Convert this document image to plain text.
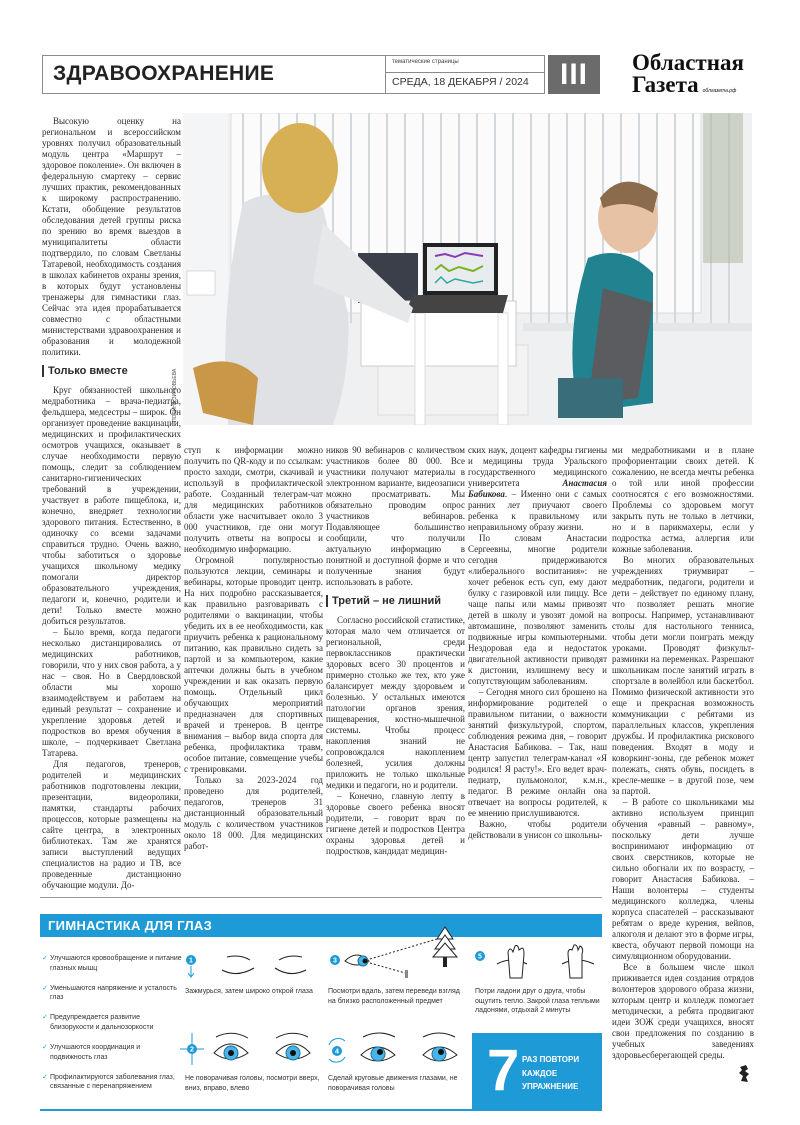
ЗДРАВООХРАНЕНИЕ	тематические страницы
СРЕДА, 18 ДЕКАБРЯ / 2024	III	Областная
Газета облгазета.рф
ПОЛИНА ЗИНОВЬЕВА

Высокую оценку на региональном и всероссийском уровнях получил образовательный модуль центра «Маршрут – здоровое поколение». Он включен в федеральную смартеку – сервис лучших практик, рекомендованных к широкому распространению. Кстати, обобщение результатов обследования детей группы риска по зрению во время выездов в муниципалитеты области подтвердило, по словам Светланы Татаревой, необходимость создания в школах кабинетов охраны зрения, в которых будут установлены тренажеры для гимнастики глаз. Сейчас эта идея прорабатывается совместно с областными министерствами здравоохранения и образования и молодежной политики.

Только вместе

Круг обязанностей школьного медработника – врача-педиатра, фельдшера, медсестры – широк. Он организует проведение вакцинации, медицинских и профилактических осмотров учащихся, оказывает в случае необходимости первую помощь, следит за соблюдением санитарно-гигиенических требований в учреждении, участвует в работе пищеблока, и, конечно, внедряет технологии здорового питания. Естественно, в одиночку со всеми задачами справиться трудно. Очень важно, чтобы заботиться о здоровье учащихся школьному медику помогали директор образовательного учреждения, педагоги и, конечно, родители и дети! Только вместе можно добиться результатов.

– Было время, когда педагоги несколько дистанцировались от медицинских работников, говорили, что у них своя работа, а у нас – своя. Но в Свердловской области мы хорошо взаимодействуем и работаем на единый результат – сохранение и укрепление здоровья детей и подростков во время обучения в школе, – подчеркивает Светлана Татарева.

Для педагогов, тренеров, родителей и медицинских работников подготовлены лекции, презентации, видеоролики, памятки, стандарты рабочих процессов, которые размещены на сайте центра, в электронных библиотеках. Там же хранятся записи выступлений ведущих специалистов на радио и ТВ, все проведенные дистанционно обучающие модули. До-

ступ к информации можно получить по QR-коду и по ссылкам: просто заходи, смотри, скачивай и используй в профилактической работе. Созданный телеграм-чат для медицинских работников области уже насчитывает около 3 000 участников, где они могут получить ответы на вопросы и необходимую информацию.

Огромной популярностью пользуются лекции, семинары и вебинары, которые проводит центр. На них подробно рассказывается, как правильно разговаривать с родителями о вакцинации, чтобы убедить их в ее необходимости, как приучить ребенка к рациональному питанию, как правильно сидеть за партой и за компьютером, какие аптечки должны быть в учебном учреждении и как оказать первую помощь. Отдельный цикл обучающих мероприятий предназначен для спортивных врачей и тренеров. В центре внимания – выбор вида спорта для ребенка, профилактика травм, особое питание, совмещение учебы с тренировками.

Только за 2023-2024 год проведено для родителей, педагогов, тренеров 31 дистанционный образовательный модуль с количеством участников около 18 000. Для медицинских работ-

ников 90 вебинаров с количеством участников более 80 000. Все участники получают материалы в электронном варианте, видеозаписи можно просматривать. Мы обязательно проводим опрос участников вебинаров. Подавляющее большинство сообщили, что получили актуальную информацию в понятной и доступной форме и что полученные знания будут использовать в работе.

Третий – не лишний

Согласно российской статистике, которая мало чем отличается от региональной, среди первоклассников практически здоровых всего 30 процентов и примерно столько же тех, кто уже балансирует между здоровьем и болезнью. У остальных имеются патологии органов зрения, пищеварения, костно-мышечной системы. Чтобы процесс накопления знаний не сопровождался накоплением болезней, усилия должны приложить не только школьные медики и педагоги, но и родители.

– Конечно, главную лепту в здоровье своего ребенка вносят родители, – говорит врач по гигиене детей и подростков Центра охраны здоровья детей и подростков, кандидат медицин-

ских наук, доцент кафедры гигиены и медицины труда Уральского государственного медицинского университета Анастасия Бабикова. – Именно они с самых ранних лет приучают своего ребенка к правильному или неправильному образу жизни.

По словам Анастасии Сергеевны, многие родители сегодня придерживаются «либерального воспитания»: не хочет ребенок есть суп, ему дают булку с газировкой или пиццу. Все чаще папы или мамы привозят детей в школу и увозят домой на автомашине, позволяют заменить подвижные игры компьютерными. Нездоровая еда и недостаток двигательной активности приводят к дистонии, излишнему весу и сопутствующим заболеваниям.

– Сегодня много сил брошено на информирование родителей о правильном питании, о важности занятий физкультурой, спортом, соблюдения режима дня, – говорит Анастасия Бабикова. – Так, наш центр запустил телеграм-канал «Я родился! Я расту!». Его ведет врач-педиатр, пульмонолог, к.м.н., педагог. В режиме онлайн она отвечает на вопросы родителей, к ее мнению прислушиваются.

Важно, чтобы родители действовали в унисон со школьны-

ми медработниками и в плане профориентации своих детей. К сожалению, не всегда мечты ребенка о той или иной профессии соотносятся с его возможностями. Проблемы со здоровьем могут закрыть путь не только в летчики, но и в парикмахеры, если у подростка астма, аллергия или кожные заболевания.

Во многих образовательных учреждениях триумвират – медработник, педагоги, родители и дети – действует по единому плану, что позволяет решать многие вопросы. Например, устанавливают столы для настольного тенниса, чтобы дети могли поиграть между уроками. Проводят физкульт-разминки на переменках. Разрешают школьникам после занятий играть в спортзале в волейбол или баскетбол. Помимо физической активности это еще и прекрасная возможность коммуникации с ребятами из параллельных классов, укрепления дружбы. И профилактика рискового поведения. Входят в моду и коворкинг-зоны, где ребенок может полежать, снять обувь, посидеть в кресле-мешке – в другой позе, чем за партой.

– В работе со школьниками мы активно используем принцип обучения «равный – равному», поскольку дети лучше воспринимают информацию от своих сверстников, которые не сильно обогнали их по возрасту, – говорит Анастасия Бабикова. – Наши волонтеры – студенты медицинского колледжа, члены корпуса спасателей – рассказывают ребятам о вреде курения, вейпов, алкоголя и делают это в форме игры, квеста, обучают первой помощи на симуляционном оборудовании.

Все в большем числе школ приживается идея создания отрядов волонтеров здорового образа жизни, которым центр и колледж помогает методически, а ребята продвигают идеи ЗОЖ среди учащихся, вносят свои предложения по созданию в учебных заведениях здоровьесберегающей среды.

ГИМНАСТИКА ДЛЯ ГЛАЗ
✓ Улучшаются кровообращение и питание глазных мышц
✓ Уменьшаются напряжение и усталость глаз
✓ Предупреждается развитие близорукости и дальнозоркости
✓ Улучшаются координация и подвижность глаз
✓ Профилактируются заболевания глаз, связанные с перенапряжением
1
Зажмурься, затем широко открой глаза
2
Не поворачивая головы, посмотри вверх, вниз, вправо, влево
3
Посмотри вдаль, затем переведи взгляд на близко расположенный предмет
4
Сделай круговые движения глазами, не поворачивая головы
5
Потри ладони друг о друга, чтобы ощутить тепло. Закрой глаза теплыми ладонями, отдыхай 2 минуты
7 РАЗ ПОВТОРИ КАЖДОЕ УПРАЖНЕНИЕ
